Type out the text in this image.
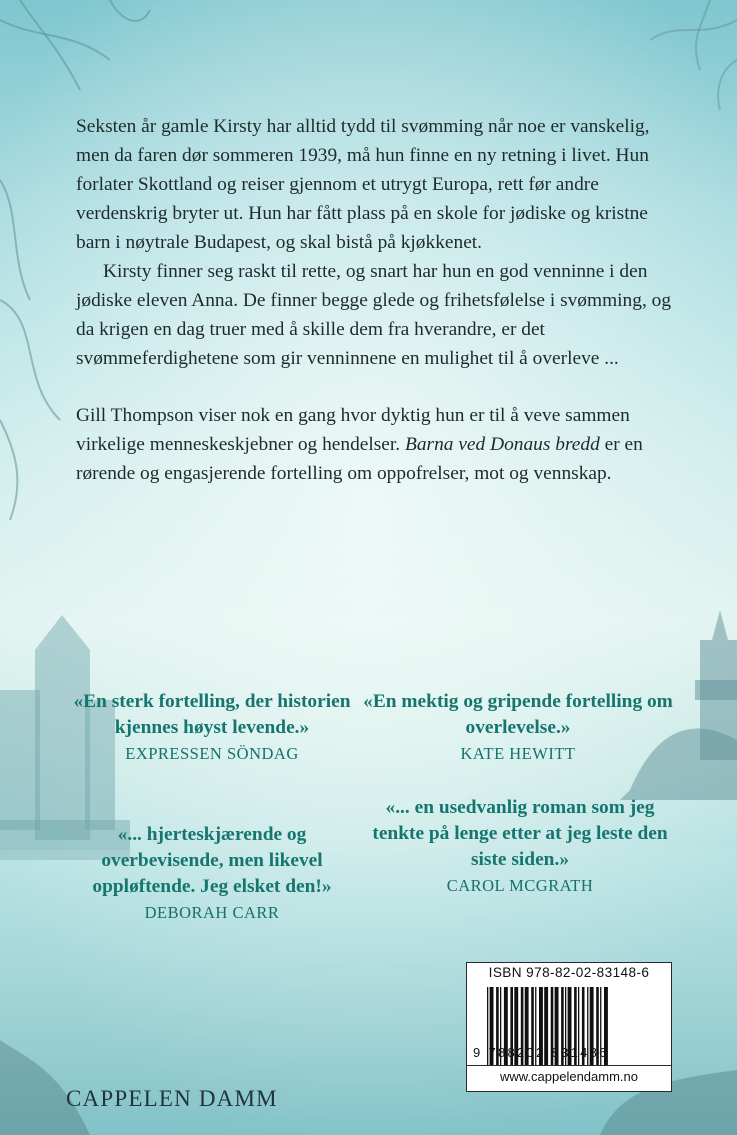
Seksten år gamle Kirsty har alltid tydd til svømming når noe er vanskelig, men da faren dør sommeren 1939, må hun finne en ny retning i livet. Hun forlater Skottland og reiser gjennom et utrygt Europa, rett før andre verdenskrig bryter ut. Hun har fått plass på en skole for jødiske og kristne barn i nøytrale Budapest, og skal bistå på kjøkkenet.

Kirsty finner seg raskt til rette, og snart har hun en god venninne i den jødiske eleven Anna. De finner begge glede og frihetsfølelse i svømming, og da krigen en dag truer med å skille dem fra hverandre, er det svømmeferdighetene som gir venninnene en mulighet til å overleve ...

Gill Thompson viser nok en gang hvor dyktig hun er til å veve sammen virkelige menneskeskjebner og hendelser. Barna ved Donaus bredd er en rørende og engasjerende fortelling om oppofrelser, mot og vennskap.

«En sterk fortelling, der historien kjennes høyst levende.»
EXPRESSEN SÖNDAG
«En mektig og gripende fortelling om overlevelse.»
KATE HEWITT
«... hjerteskjærende og overbevisende, men likevel oppløftende. Jeg elsket den!»
DEBORAH CARR
«... en usedvanlig roman som jeg tenkte på lenge etter at jeg leste den siste siden.»
CAROL MCGRATH
CAPPELEN DAMM
ISBN 978-82-02-83148-6
9 788202 831486
www.cappelendamm.no
